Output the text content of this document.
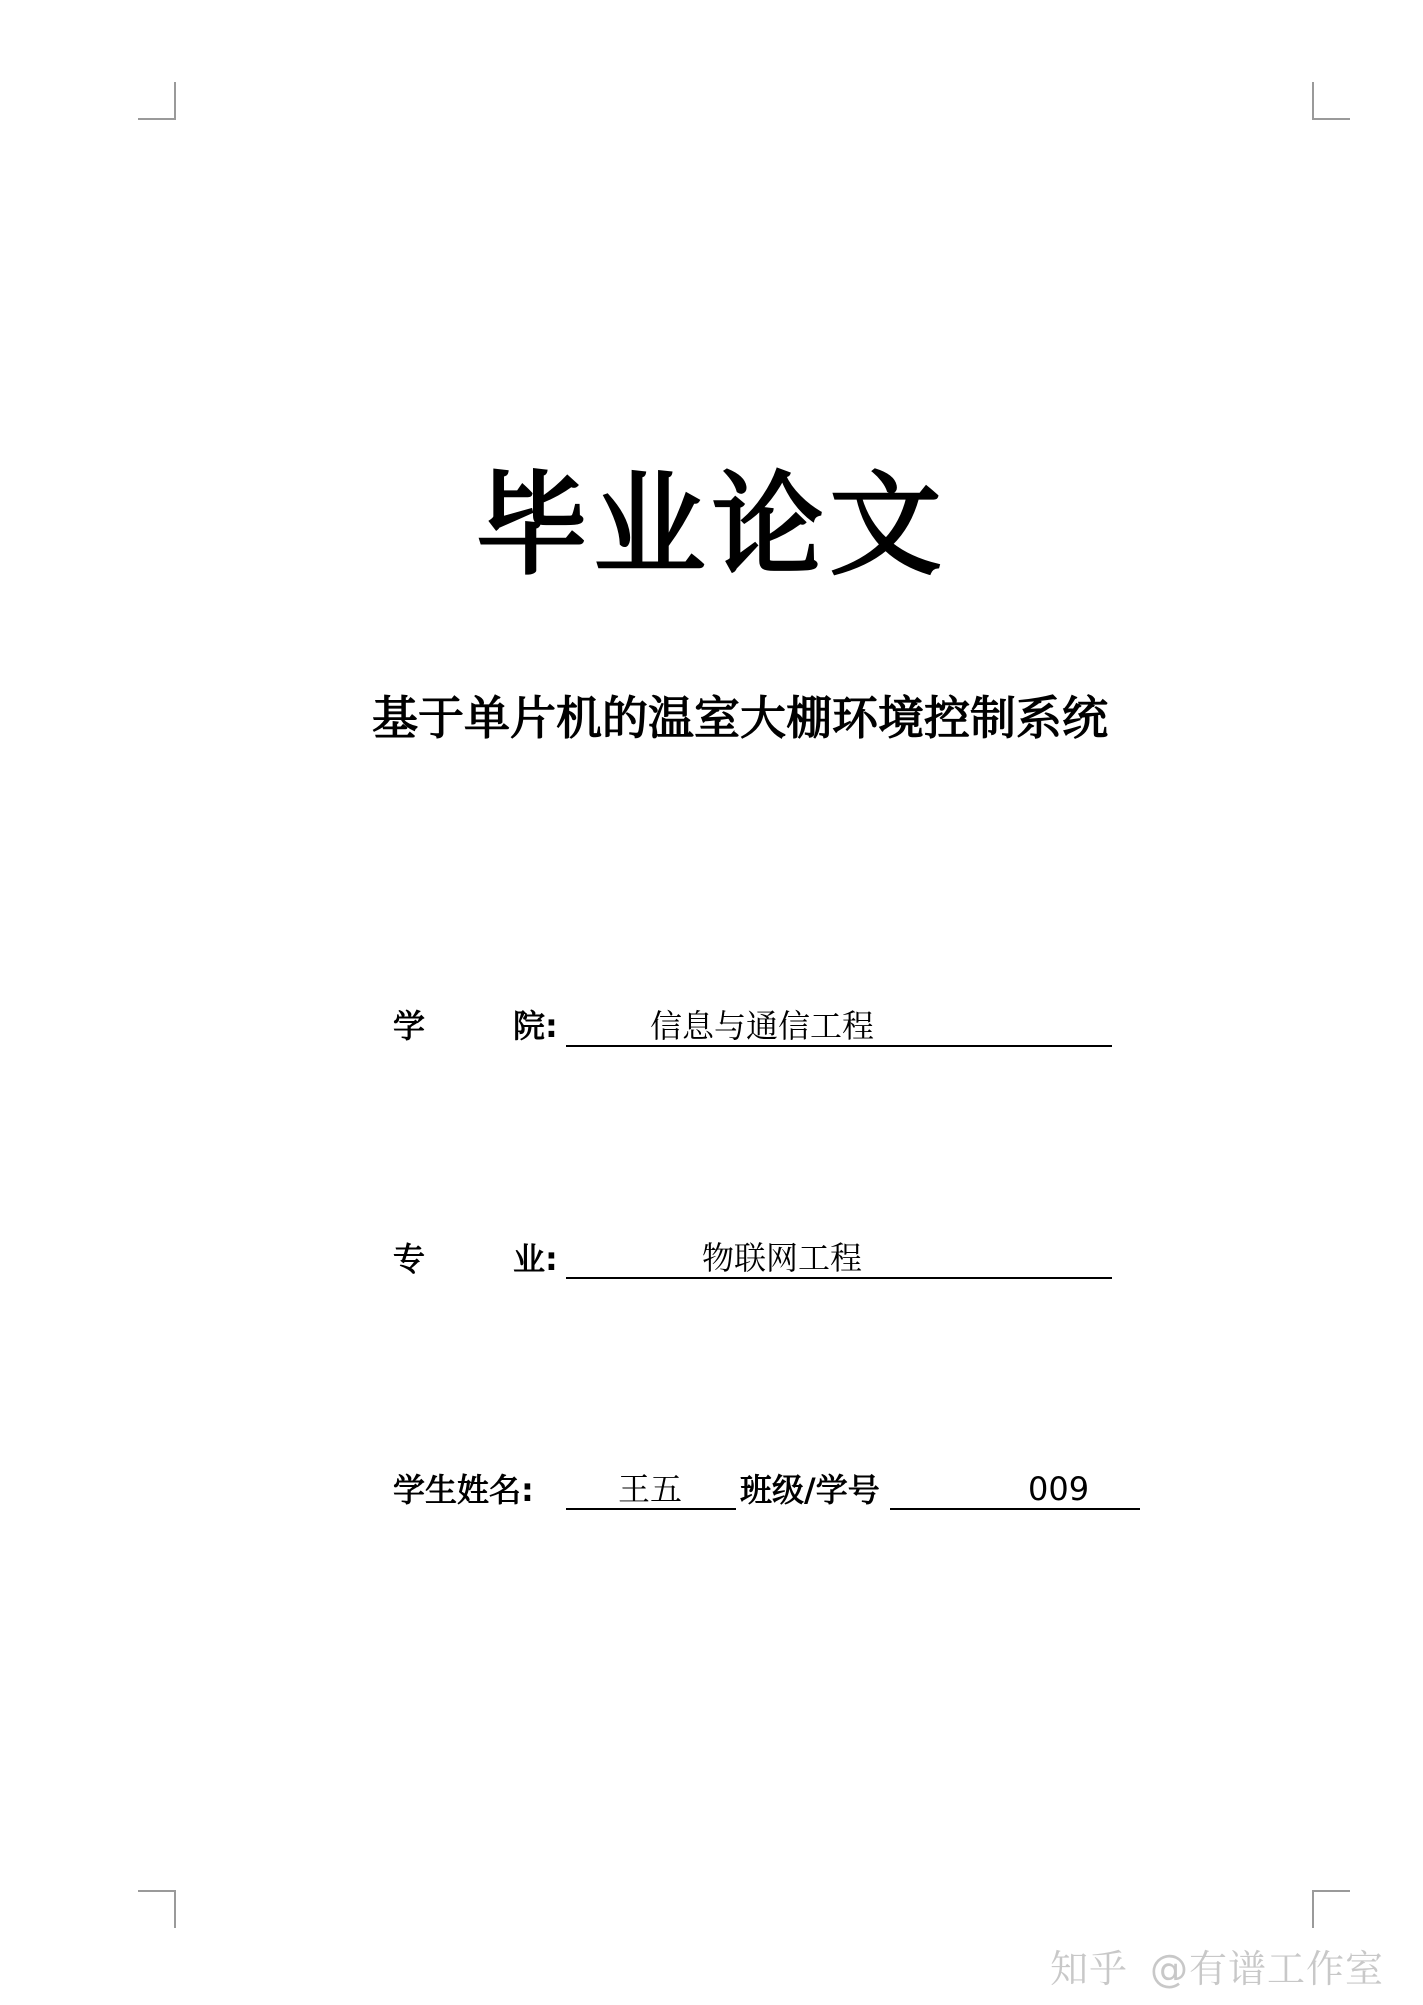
毕业论文
基于单片机的温室大棚环境控制系统
学	院:	信息与通信工程
专	业:	物联网工程
学生姓名:	王五 班级/学号	009
知乎 @有谱工作室
